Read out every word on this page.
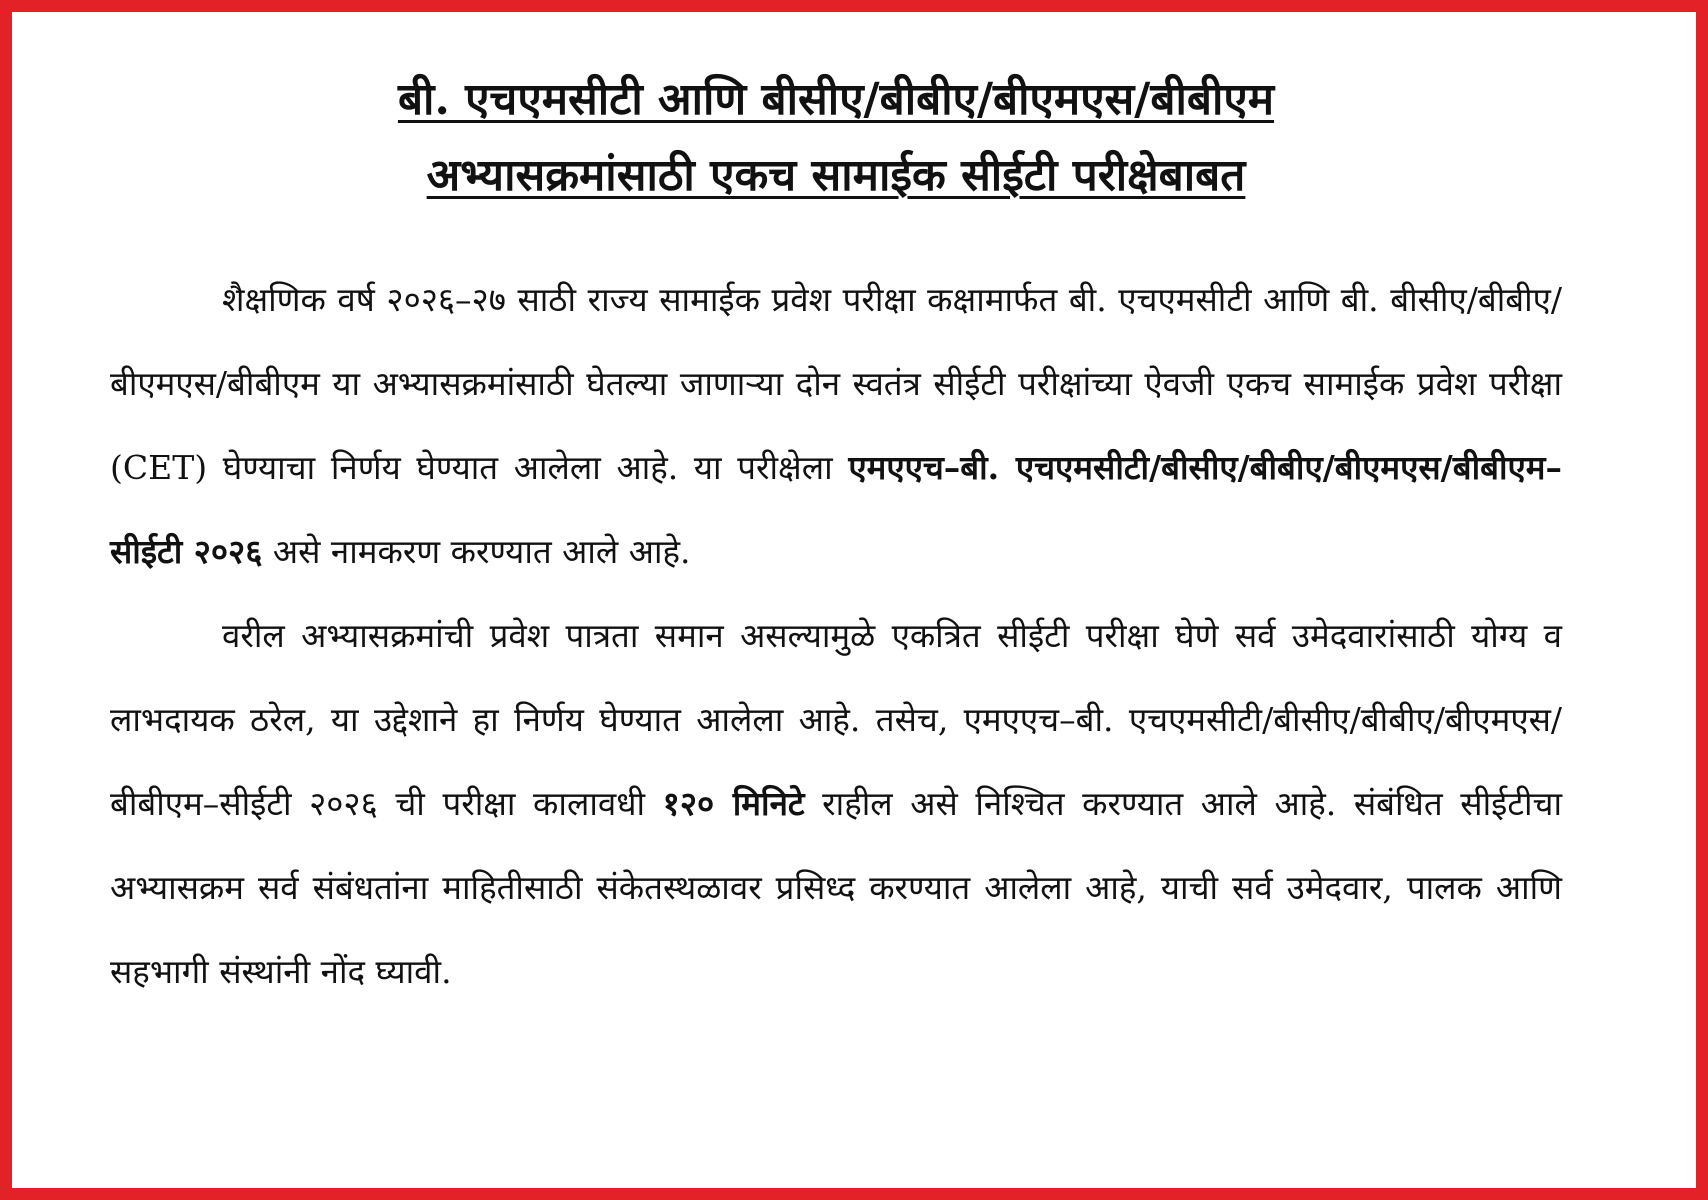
बी. एचएमसीटी आणि बीसीए/बीबीए/बीएमएस/बीबीएम
अभ्यासक्रमांसाठी एकच सामाईक सीईटी परीक्षेबाबत

शैक्षणिक वर्ष २०२६–२७ साठी राज्य सामाईक प्रवेश परीक्षा कक्षामार्फत बी. एचएमसीटी आणि बी. बीसीए/बीबीए/बीएमएस/बीबीएम या अभ्यासक्रमांसाठी घेतल्या जाणाऱ्या दोन स्वतंत्र सीईटी परीक्षांच्या ऐवजी एकच सामाईक प्रवेश परीक्षा (CET) घेण्याचा निर्णय घेण्यात आलेला आहे. या परीक्षेला एमएएच–बी. एचएमसीटी/बीसीए/बीबीए/बीएमएस/बीबीएम–सीईटी २०२६ असे नामकरण करण्यात आले आहे.

वरील अभ्यासक्रमांची प्रवेश पात्रता समान असल्यामुळे एकत्रित सीईटी परीक्षा घेणे सर्व उमेदवारांसाठी योग्य व लाभदायक ठरेल, या उद्देशाने हा निर्णय घेण्यात आलेला आहे. तसेच, एमएएच–बी. एचएमसीटी/बीसीए/बीबीए/बीएमएस/बीबीएम–सीईटी २०२६ ची परीक्षा कालावधी १२० मिनिटे राहील असे निश्चित करण्यात आले आहे. संबंधित सीईटीचा अभ्यासक्रम सर्व संबंधतांना माहितीसाठी संकेतस्थळावर प्रसिध्द करण्यात आलेला आहे, याची सर्व उमेदवार, पालक आणि सहभागी संस्थांनी नोंद घ्यावी.
